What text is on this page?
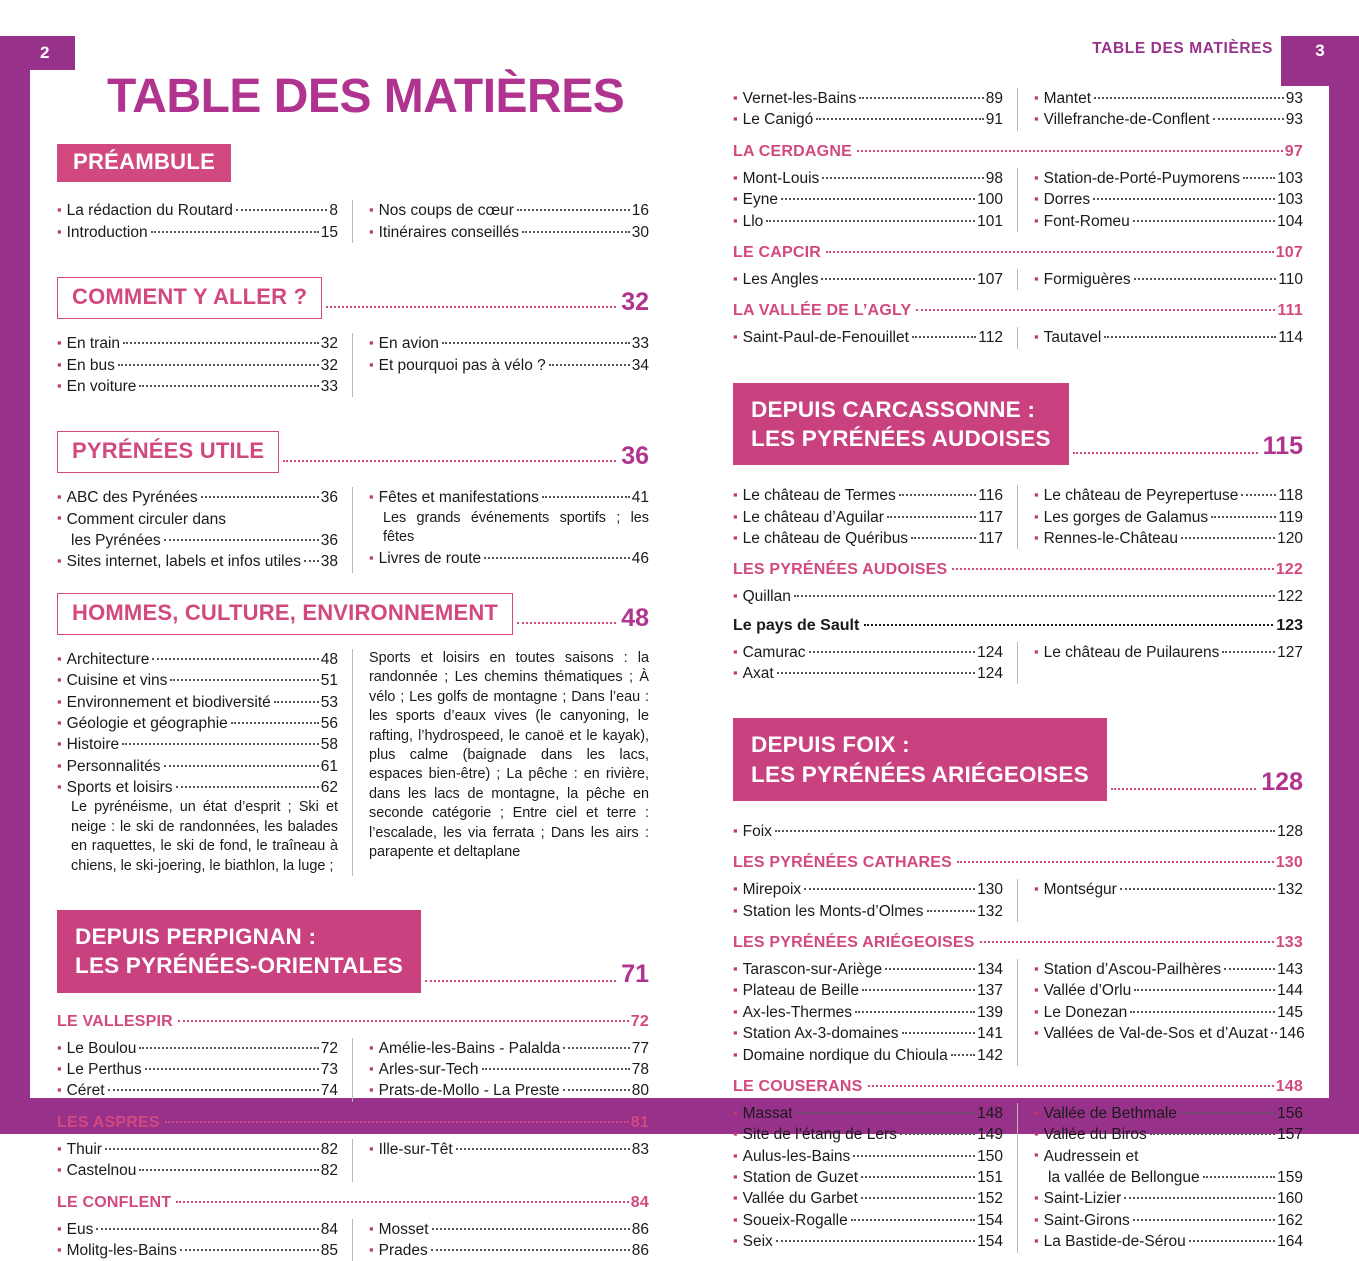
2	3
TABLE DES MATIÈRES
TABLE DES MATIÈRES
PRÉAMBULE
▪ La rédaction du Routard	8
▪ Introduction	15
▪ Nos coups de cœur	16
▪ Itinéraires conseillés	30
COMMENT Y ALLER ?	32
▪ En train	32
▪ En bus	32
▪ En voiture	33
▪ En avion	33
▪ Et pourquoi pas à vélo ?	34
PYRÉNÉES UTILE	36
▪ ABC des Pyrénées	36
▪ Comment circuler dans
les Pyrénées	36
▪ Sites internet, labels et infos utiles 38
▪ Fêtes et manifestations	41
Les grands événements sportifs ; les fêtes
▪ Livres de route	46
HOMMES, CULTURE, ENVIRONNEMENT	48
▪ Architecture	48
▪ Cuisine et vins	51
▪ Environnement et biodiversité	53
▪ Géologie et géographie	56
▪ Histoire	58
▪ Personnalités	61
▪ Sports et loisirs	62
Le pyrénéisme, un état d’esprit ; Ski et neige : le ski de randonnées, les balades en raquettes, le ski de fond, le traîneau à chiens, le ski-joering, le biathlon, la luge ;
Sports et loisirs en toutes saisons : la randonnée ; Les chemins thématiques ; À vélo ; Les golfs de montagne ; Dans l’eau : les sports d’eaux vives (le canyoning, le rafting, l’hydrospeed, le canoë et le kayak), plus calme (baignade dans les lacs, espaces bien-être) ; La pêche : en rivière, dans les lacs de montagne, la pêche en seconde catégorie ; Entre ciel et terre : l’escalade, les via ferrata ; Dans les airs : parapente et deltaplane
DEPUIS PERPIGNAN :
LES PYRÉNÉES-ORIENTALES	71
LE VALLESPIR	72
▪ Le Boulou	72
▪ Le Perthus	73
▪ Céret	74
▪ Amélie-les-Bains - Palalda	77
▪ Arles-sur-Tech	78
▪ Prats-de-Mollo - La Preste	80
LES ASPRES	81
▪ Thuir	82
▪ Castelnou	82
▪ Ille-sur-Têt	83
LE CONFLENT	84
▪ Eus	84
▪ Molitg-les-Bains	85
▪ Mosset	86
▪ Prades	86
▪ Vernet-les-Bains	89
▪ Le Canigó	91
▪ Mantet	93
▪ Villefranche-de-Conflent	93
LA CERDAGNE	97
▪ Mont-Louis	98
▪ Eyne	100
▪ Llo	101
▪ Station-de-Porté-Puymorens 103
▪ Dorres	103
▪ Font-Romeu	104
LE CAPCIR	107
▪ Les Angles	107 ▪ Formiguères	110
LA VALLÉE DE L’AGLY	111
▪ Saint-Paul-de-Fenouillet	112 ▪ Tautavel	114
DEPUIS CARCASSONNE :
LES PYRÉNÉES AUDOISES	115
▪ Le château de Termes	116
▪ Le château d’Aguilar	117
▪ Le château de Quéribus	117
▪ Le château de Peyrepertuse	118
▪ Les gorges de Galamus	119
▪ Rennes-le-Château	120
LES PYRÉNÉES AUDOISES	122
▪ Quillan	122
Le pays de Sault	123
▪ Camurac	124
▪ Axat	124
▪ Le château de Puilaurens	127
DEPUIS FOIX :
LES PYRÉNÉES ARIÉGEOISES	128
▪ Foix	128
LES PYRÉNÉES CATHARES	130
▪ Mirepoix	130
▪ Station les Monts-d’Olmes	132
▪ Montségur	132
LES PYRÉNÉES ARIÉGEOISES	133
▪ Tarascon-sur-Ariège	134
▪ Plateau de Beille	137
▪ Ax-les-Thermes	139
▪ Station Ax-3-domaines	141
▪ Domaine nordique du Chioula 142
▪ Station d’Ascou-Pailhères	143
▪ Vallée d’Orlu	144
▪ Le Donezan	145
▪ Vallées de Val-de-Sos et d’Auzat 146
LE COUSERANS	148
▪ Massat	148
▪ Site de l’étang de Lers	149
▪ Aulus-les-Bains	150
▪ Station de Guzet	151
▪ Vallée du Garbet	152
▪ Soueix-Rogalle	154
▪ Seix	154
▪ Vallée de Bethmale	156
▪ Vallée du Biros	157
▪ Audressein et
la vallée de Bellongue	159
▪ Saint-Lizier	160
▪ Saint-Girons	162
▪ La Bastide-de-Sérou	164
